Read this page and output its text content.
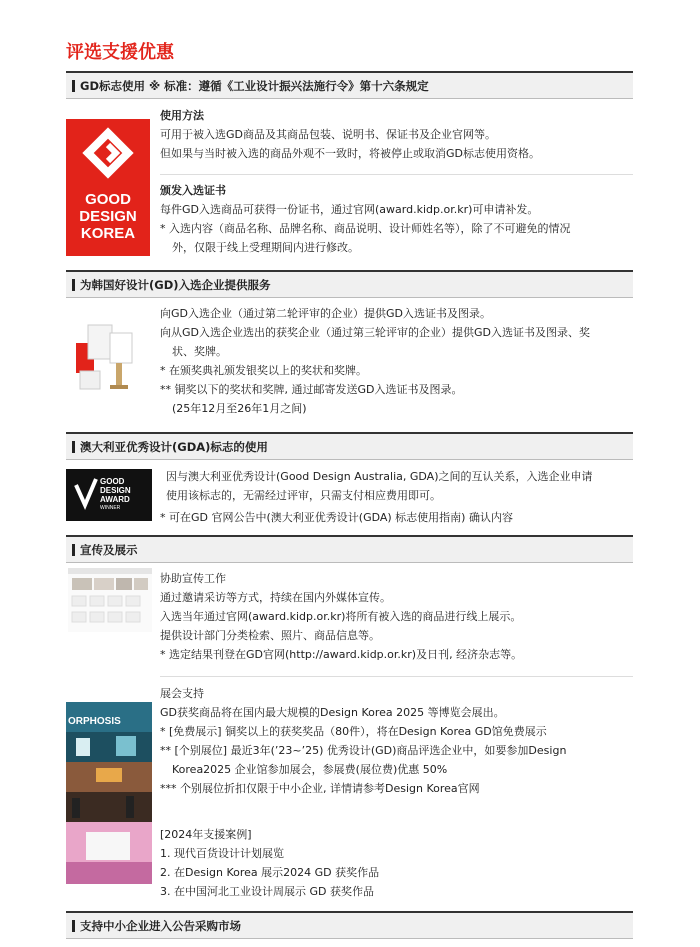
评选支援优惠
GD标志使用 ※ 标准：遵循《工业设计振兴法施行令》第十六条规定
GOOD
DESIGN
KOREA

使用方法

可用于被入选GD商品及其商品包装、说明书、保证书及企业官网等。

但如果与当时被入选的商品外观不一致时，将被停止或取消GD标志使用资格。

颁发入选证书

每件GD入选商品可获得一份证书，通过官网(award.kidp.or.kr)可申请补发。

* 入选内容（商品名称、品牌名称、商品说明、设计师姓名等），除了不可避免的情况

外，仅限于线上受理期间内进行修改。

为韩国好设计(GD)入选企业提供服务

向GD入选企业（通过第二轮评审的企业）提供GD入选证书及图录。

向从GD入选企业选出的获奖企业（通过第三轮评审的企业）提供GD入选证书及图录、奖

状、奖牌。

* 在颁奖典礼颁发银奖以上的奖状和奖牌。

** 铜奖以下的奖状和奖牌, 通过邮寄发送GD入选证书及图录。

(25年12月至26年1月之间)

澳大利亚优秀设计(GDA)标志的使用
GOOD
DESIGN
AWARD
WINNER

因与澳大利亚优秀设计(Good Design Australia, GDA)之间的互认关系，入选企业申请

使用该标志的，无需经过评审，只需支付相应费用即可。

* 可在GD 官网公告中(澳大利亚优秀设计(GDA) 标志使用指南) 确认内容

宣传及展示

协助宣传工作

通过邀请采访等方式，持续在国内外媒体宣传。

入选当年通过官网(award.kidp.or.kr)将所有被入选的商品进行线上展示。

提供设计部门分类检索、照片、商品信息等。

* 选定结果刊登在GD官网(http://award.kidp.or.kr)及日刊, 经济杂志等。

ORPHOSIS

展会支持

GD获奖商品将在国内最大规模的Design Korea 2025 等博览会展出。

* [免费展示] 铜奖以上的获奖奖品（80件），将在Design Korea GD馆免费展示

** [个别展位] 最近3年(’23~’25) 优秀设计(GD)商品评选企业中，如要参加Design

Korea2025 企业馆参加展会，参展费(展位费)优惠 50%

*** 个别展位折扣仅限于中小企业, 详情请参考Design Korea官网

[2024年支援案例]

1. 现代百货设计计划展览

2. 在Design Korea 展示2024 GD 获奖作品

3. 在中国河北工业设计周展示 GD 获奖作品

支持中小企业进入公告采购市场
